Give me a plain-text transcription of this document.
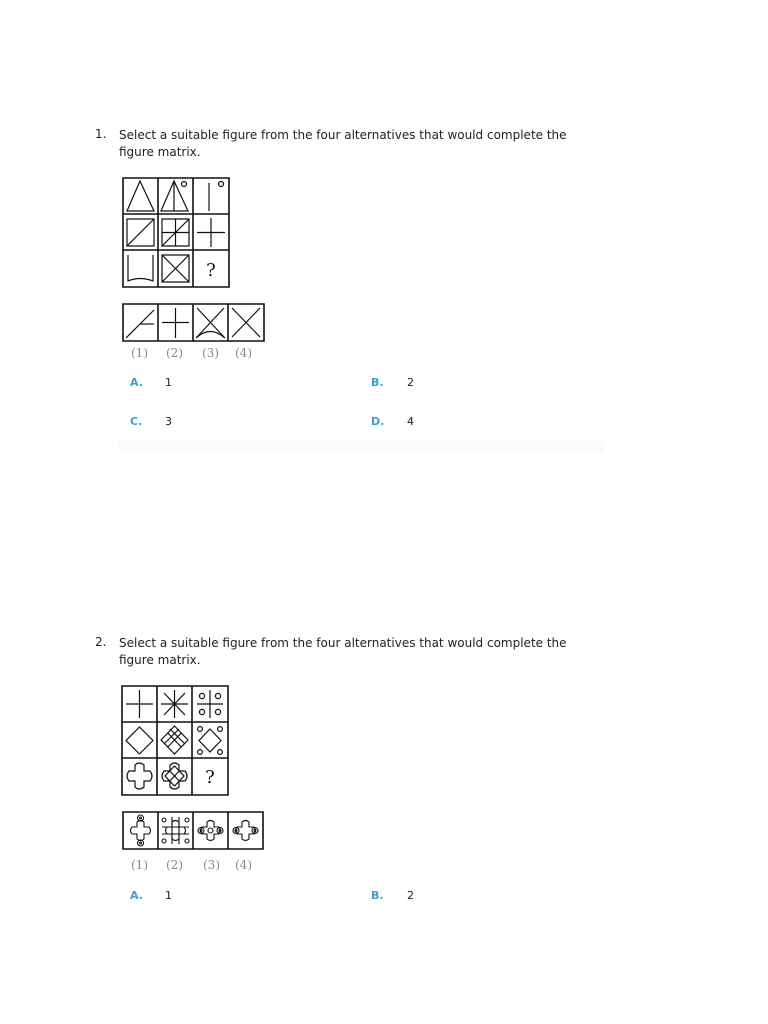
1. Select a suitable figure from the four alternatives that would complete the figure matrix.
?
(1) (2) (3) (4)
A. 1	B. 2
C. 3	D. 4
2. Select a suitable figure from the four alternatives that would complete the figure matrix.
?
(1) (2) (3) (4)
A. 1	B. 2
